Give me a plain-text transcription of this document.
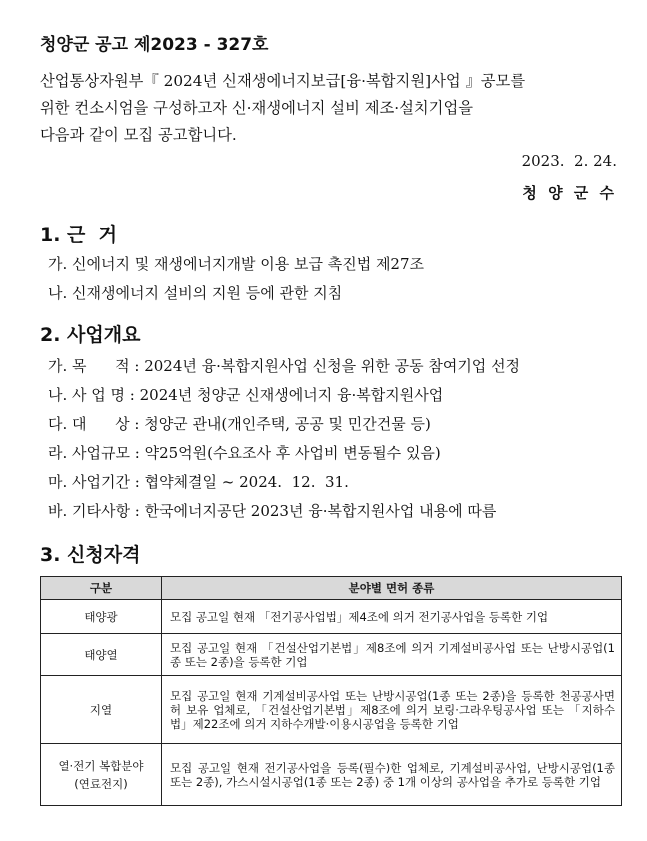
청양군 공고 제2023 - 327호
산업통상자원부『 2024년 신재생에너지보급[융·복합지원]사업 』공모를
위한 컨소시엄을 구성하고자 신·재생에너지 설비 제조·설치기업을
다음과 같이 모집 공고합니다.
2023.  2. 24.
청 양 군 수
1. 근  거
가. 신에너지 및 재생에너지개발 이용 보급 촉진법 제27조
나. 신재생에너지 설비의 지원 등에 관한 지침
2. 사업개요
가. 목      적 : 2024년 융·복합지원사업 신청을 위한 공동 참여기업 선정
나. 사 업 명 : 2024년 청양군 신재생에너지 융·복합지원사업
다. 대      상 : 청양군 관내(개인주택, 공공 및 민간건물 등)
라. 사업규모 : 약25억원(수요조사 후 사업비 변동될수 있음)
마. 사업기간 : 협약체결일 ~ 2024.  12.  31.
바. 기타사항 : 한국에너지공단 2023년 융·복합지원사업 내용에 따름
3. 신청자격
구분	분야별 면허 종류
태양광	모집 공고일 현재 「전기공사업법」제4조에 의거 전기공사업을 등록한 기업
태양열	모집 공고일 현재 「건설산업기본법」제8조에 의거 기계설비공사업 또는 난방시공업(1종 또는 2종)을 등록한 기업
지열	모집 공고일 현재 기계설비공사업 또는 난방시공업(1종 또는 2종)을 등록한 천공공사면허 보유 업체로, 「건설산업기본법」제8조에 의거 보링·그라우팅공사업 또는 「지하수법」제22조에 의거 지하수개발·이용시공업을 등록한 기업
열·전기 복합분야
(연료전지)	모집 공고일 현재 전기공사업을 등록(필수)한 업체로, 기계설비공사업, 난방시공업(1종 또는 2종), 가스시설시공업(1종 또는 2종) 중 1개 이상의 공사업을 추가로 등록한 기업
